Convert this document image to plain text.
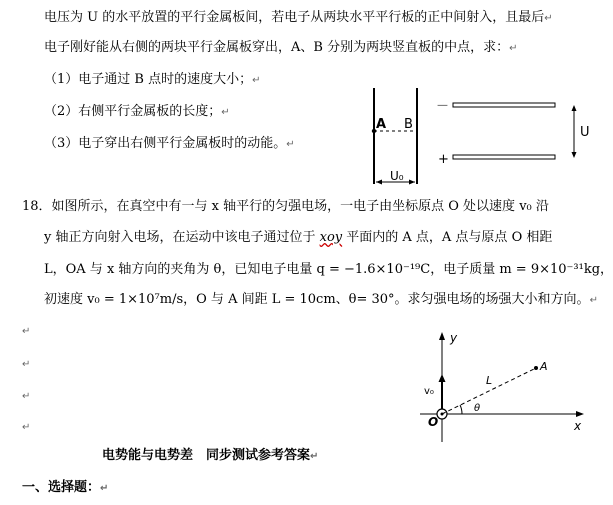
电压为 U 的水平放置的平行金属板间，若电子从两块水平平行板的正中间射入，且最后↵
电子刚好能从右侧的两块平行金属板穿出，A、B 分别为两块竖直板的中点，求：↵
（1）电子通过 B 点时的速度大小；↵
（2）右侧平行金属板的长度；↵
（3）电子穿出右侧平行金属板时的动能。↵
A B
U₀
－
+
U
18．如图所示，在真空中有一与 x 轴平行的匀强电场，一电子由坐标原点 O 处以速度 v₀ 沿
y 轴正方向射入电场，在运动中该电子通过位于 xoy 平面内的 A 点，A 点与原点 O 相距
L，OA 与 x 轴方向的夹角为 θ，已知电子电量 q = −1.6×10⁻¹⁹C，电子质量 m = 9×10⁻³¹kg，
初速度 v₀ = 1×10⁷m/s，O 与 A 间距 L = 10cm、θ= 30°。求匀强电场的场强大小和方向。↵
↵
↵
↵
↵
y
x
v₀
O
A
L
θ
电势能与电势差　同步测试参考答案↵
一、选择题：↵
